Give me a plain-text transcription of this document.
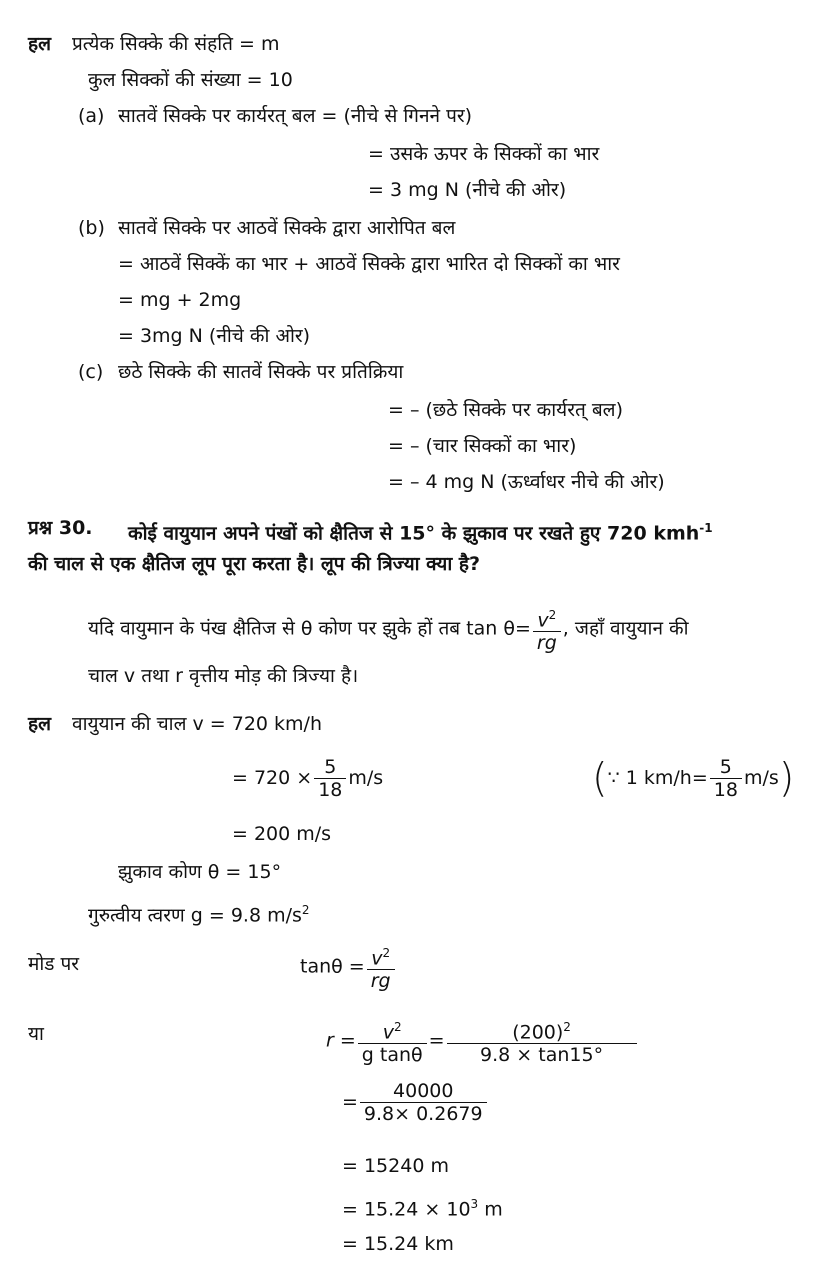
हल प्रत्येक सिक्के की संहति = m
कुल सिक्कों की संख्या = 10
(a) सातवें सिक्के पर कार्यरत् बल = (नीचे से गिनने पर)
= उसके ऊपर के सिक्कों का भार
= 3 mg N (नीचे की ओर)
(b) सातवें सिक्के पर आठवें सिक्के द्वारा आरोपित बल
= आठवें सिक्कें का भार + आठवें सिक्के द्वारा भारित दो सिक्कों का भार
= mg + 2mg
= 3mg N (नीचे की ओर)
(c) छठे सिक्के की सातवें सिक्के पर प्रतिक्रिया
= – (छठे सिक्के पर कार्यरत् बल)
= – (चार सिक्कों का भार)
= – 4 mg N (ऊर्ध्वाधर नीचे की ओर)
प्रश्न 30. कोई वायुयान अपने पंखों को क्षैतिज से 15° के झुकाव पर रखते हुए 720 kmh$^{-1}$
की चाल से एक क्षैतिज लूप पूरा करता है। लूप की त्रिज्या क्या है?
यदि वायुमान के पंख क्षैतिज से θ कोण पर झुके हों तब $\tan \theta= \frac{v^2}{rg}$ , जहाँ वायुयान की
चाल v तथा r वृत्तीय मोड़ की त्रिज्या है।
हल वायुयान की चाल v = 720 km/h
= $720 \times \frac{5}{18} m/s$	(∵ 1 $km/h= \frac{5}{18} m/s$)
= 200 m/s
झुकाव कोण θ = 15°
गुरुत्वीय त्वरण g = 9.8 $m/s^2$
मोड पर	$\tan\theta = \frac{v^2}{rg}$
या	$r = \frac{v^2}{\text{g tanθ}} = \frac{(200)^2}{9.8 \times \tan 15^\circ}$
= $\frac{40000}{9.8\times 0.2679}$
= 15240 m
= $15.24 \times 10^3$ m
= 15.24 km
